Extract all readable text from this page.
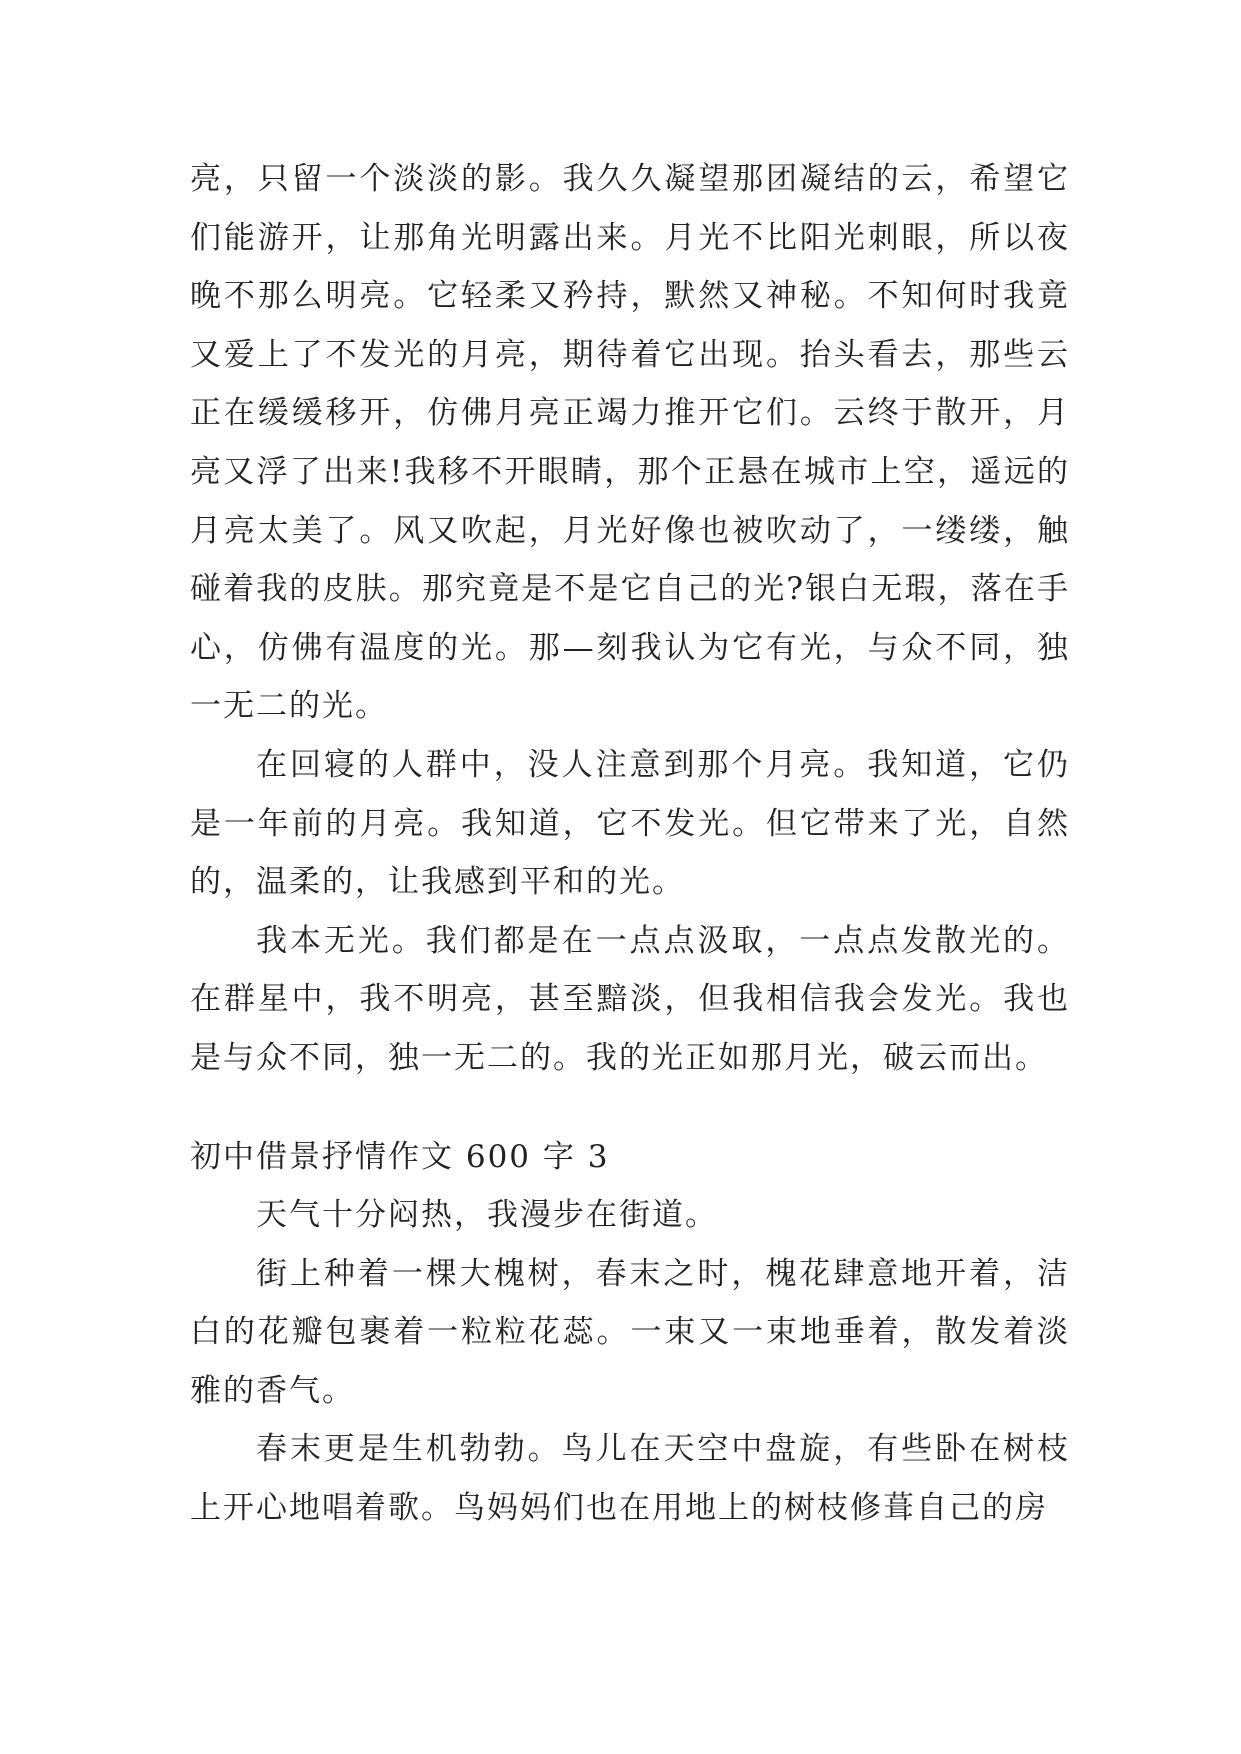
亮，只留一个淡淡的影。我久久凝望那团凝结的云，希望它们能游开，让那角光明露出来。月光不比阳光刺眼，所以夜晚不那么明亮。它轻柔又矜持，默然又神秘。不知何时我竟又爱上了不发光的月亮，期待着它出现。抬头看去，那些云正在缓缓移开，仿佛月亮正竭力推开它们。云终于散开，月亮又浮了出来!我移不开眼睛，那个正悬在城市上空，遥远的月亮太美了。风又吹起，月光好像也被吹动了，一缕缕，触碰着我的皮肤。那究竟是不是它自己的光?银白无瑕，落在手心，仿佛有温度的光。那—刻我认为它有光，与众不同，独一无二的光。

在回寝的人群中，没人注意到那个月亮。我知道，它仍是一年前的月亮。我知道，它不发光。但它带来了光，自然的，温柔的，让我感到平和的光。

我本无光。我们都是在一点点汲取，一点点发散光的。在群星中，我不明亮，甚至黯淡，但我相信我会发光。我也是与众不同，独一无二的。我的光正如那月光，破云而出。

初中借景抒情作文 600 字 3

天气十分闷热，我漫步在街道。

街上种着一棵大槐树，春末之时，槐花肆意地开着，洁白的花瓣包裹着一粒粒花蕊。一束又一束地垂着，散发着淡雅的香气。

春末更是生机勃勃。鸟儿在天空中盘旋，有些卧在树枝上开心地唱着歌。鸟妈妈们也在用地上的树枝修葺自己的房
